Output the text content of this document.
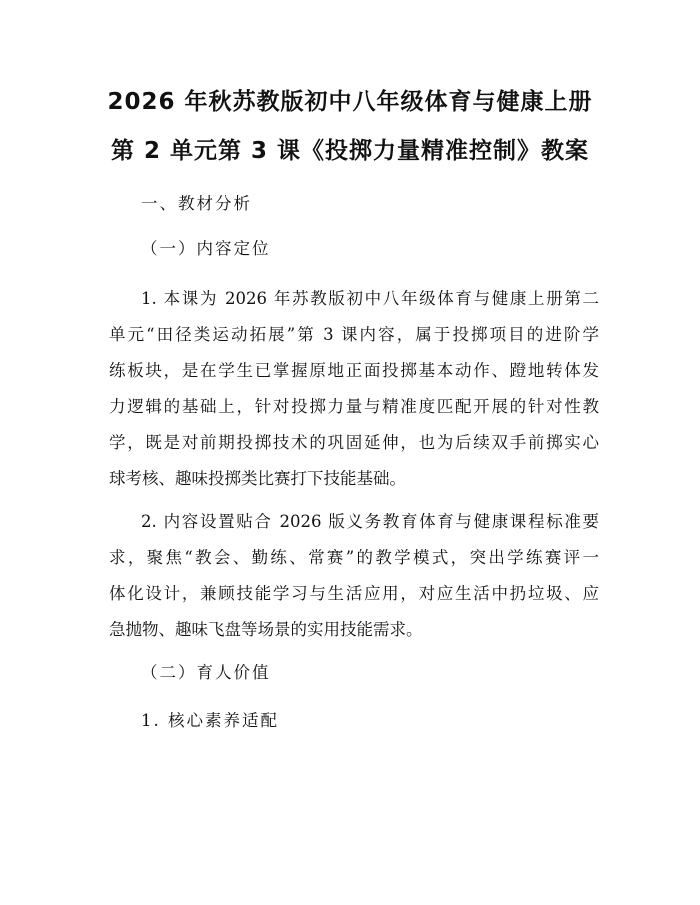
2026 年秋苏教版初中八年级体育与健康上册
第 2 单元第 3 课《投掷力量精准控制》教案

一、教材分析

（一）内容定位

1. 本课为 2026 年苏教版初中八年级体育与健康上册第二

单元“田径类运动拓展”第 3 课内容，属于投掷项目的进阶学

练板块，是在学生已掌握原地正面投掷基本动作、蹬地转体发

力逻辑的基础上，针对投掷力量与精准度匹配开展的针对性教

学，既是对前期投掷技术的巩固延伸，也为后续双手前掷实心

球考核、趣味投掷类比赛打下技能基础。

2. 内容设置贴合 2026 版义务教育体育与健康课程标准要

求，聚焦“教会、勤练、常赛”的教学模式，突出学练赛评一

体化设计，兼顾技能学习与生活应用，对应生活中扔垃圾、应

急抛物、趣味飞盘等场景的实用技能需求。

（二）育人价值

1. 核心素养适配
